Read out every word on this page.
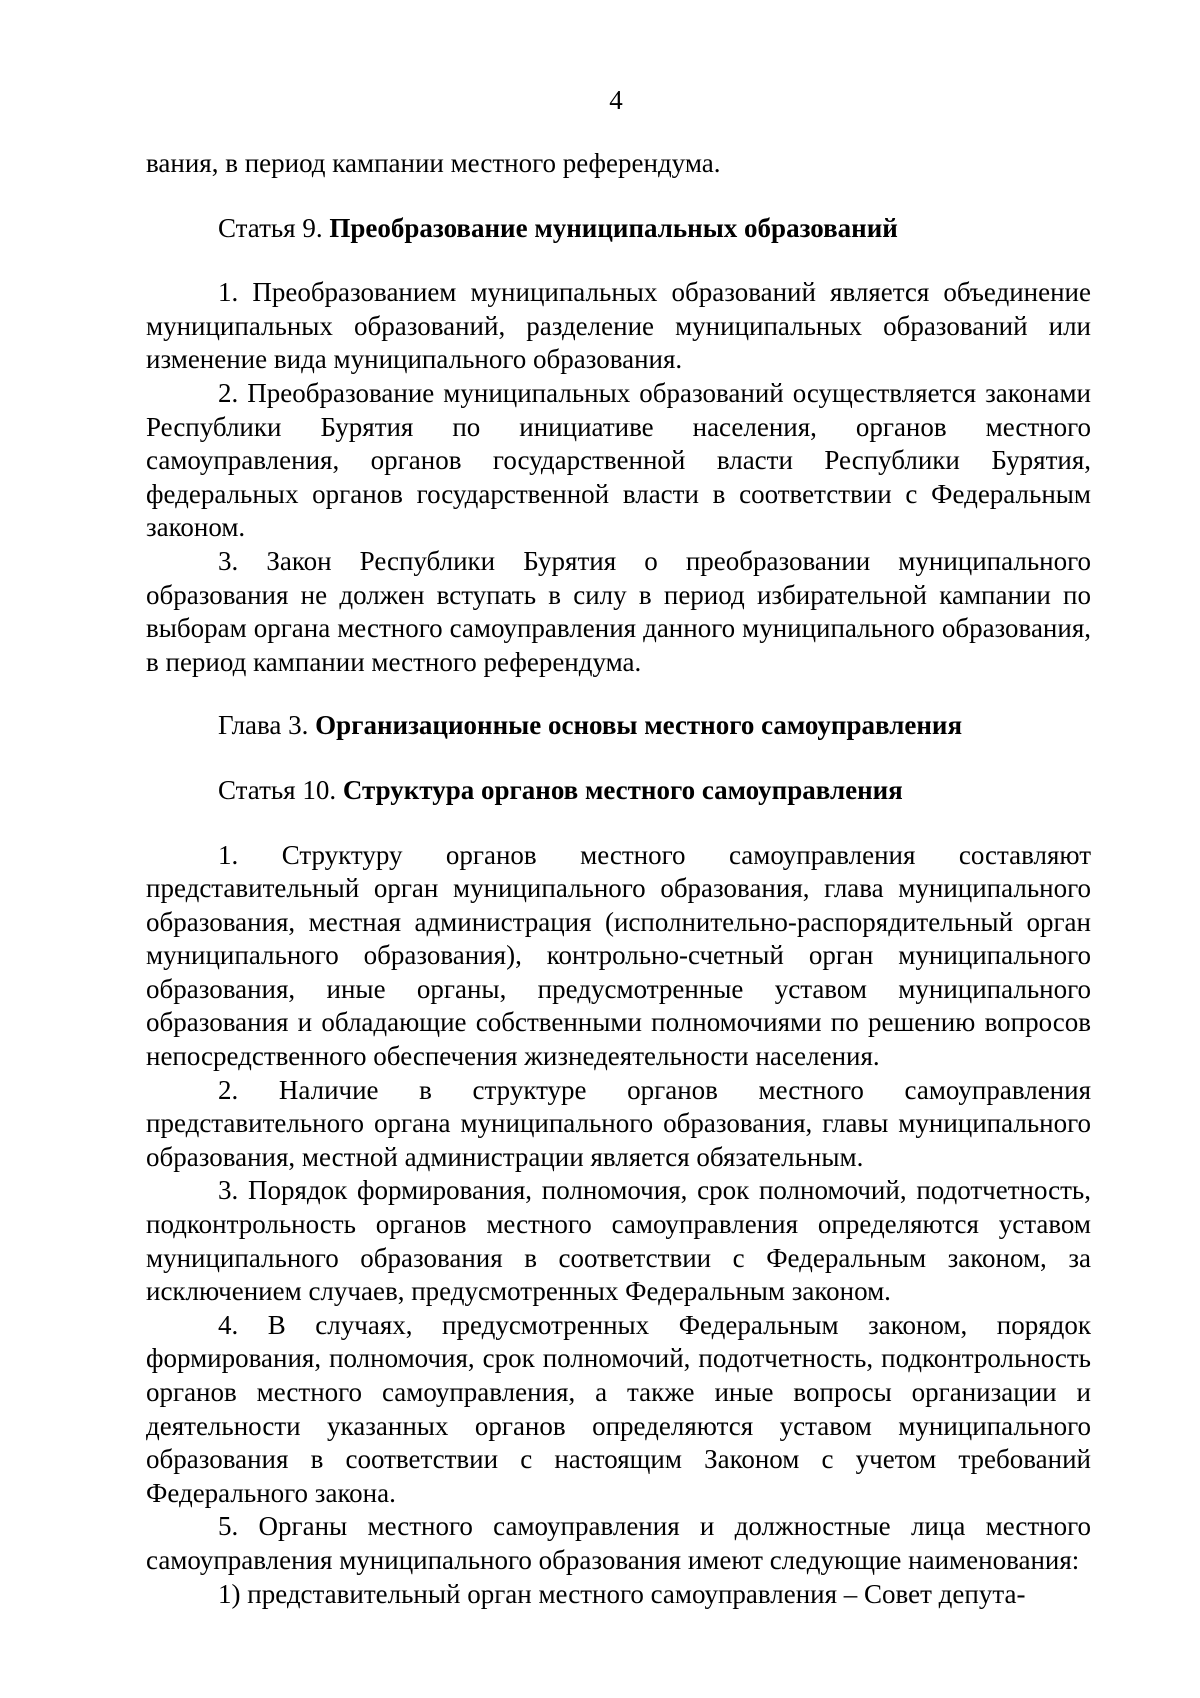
4

вания, в период кампании местного референдума.

Статья 9. Преобразование муниципальных образований

1. Преобразованием муниципальных образований является объединение муниципальных образований, разделение муниципальных образований или изменение вида муниципального образования.

2. Преобразование муниципальных образований осуществляется законами Республики Бурятия по инициативе населения, органов местного самоуправления, органов государственной власти Республики Бурятия, федеральных органов государственной власти в соответствии с Федеральным законом.

3. Закон Республики Бурятия о преобразовании муниципального образования не должен вступать в силу в период избирательной кампании по выборам органа местного самоуправления данного муниципального образования, в период кампании местного референдума.

Глава 3. Организационные основы местного самоуправления

Статья 10. Структура органов местного самоуправления

1. Структуру органов местного самоуправления составляют представительный орган муниципального образования, глава муниципального образования, местная администрация (исполнительно-распорядительный орган муниципального образования), контрольно-счетный орган муниципального образования, иные органы, предусмотренные уставом муниципального образования и обладающие собственными полномочиями по решению вопросов непосредственного обеспечения жизнедеятельности населения.

2. Наличие в структуре органов местного самоуправления представительного органа муниципального образования, главы муниципального образования, местной администрации является обязательным.

3. Порядок формирования, полномочия, срок полномочий, подотчетность, подконтрольность органов местного самоуправления определяются уставом муниципального образования в соответствии с Федеральным законом, за исключением случаев, предусмотренных Федеральным законом.

4. В случаях, предусмотренных Федеральным законом, порядок формирования, полномочия, срок полномочий, подотчетность, подконтрольность органов местного самоуправления, а также иные вопросы организации и деятельности указанных органов определяются уставом муниципального образования в соответствии с настоящим Законом с учетом требований Федерального закона.

5. Органы местного самоуправления и должностные лица местного самоуправления муниципального образования имеют следующие наименования:

1) представительный орган местного самоуправления – Совет депута-
